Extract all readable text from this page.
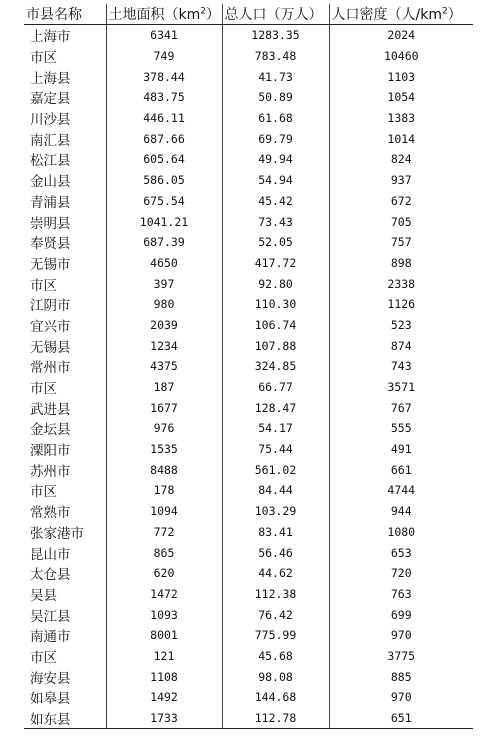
市县名称	土地面积$(km^2)$	总人口（万人）	人口密度（人$/km^2$）
上海市	6341	1283.35	2024
市区	749	783.48	10460
上海县	378.44	41.73	1103
嘉定县	483.75	50.89	1054
川沙县	446.11	61.68	1383
南汇县	687.66	69.79	1014
松江县	605.64	49.94	824
金山县	586.05	54.94	937
青浦县	675.54	45.42	672
崇明县	1041.21	73.43	705
奉贤县	687.39	52.05	757
无锡市	4650	417.72	898
市区	397	92.80	2338
江阴市	980	110.30	1126
宜兴市	2039	106.74	523
无锡县	1234	107.88	874
常州市	4375	324.85	743
市区	187	66.77	3571
武进县	1677	128.47	767
金坛县	976	54.17	555
溧阳市	1535	75.44	491
苏州市	8488	561.02	661
市区	178	84.44	4744
常熟市	1094	103.29	944
张家港市	772	83.41	1080
昆山市	865	56.46	653
太仓县	620	44.62	720
吴县	1472	112.38	763
吴江县	1093	76.42	699
南通市	8001	775.99	970
市区	121	45.68	3775
海安县	1108	98.08	885
如皋县	1492	144.68	970
如东县	1733	112.78	651
